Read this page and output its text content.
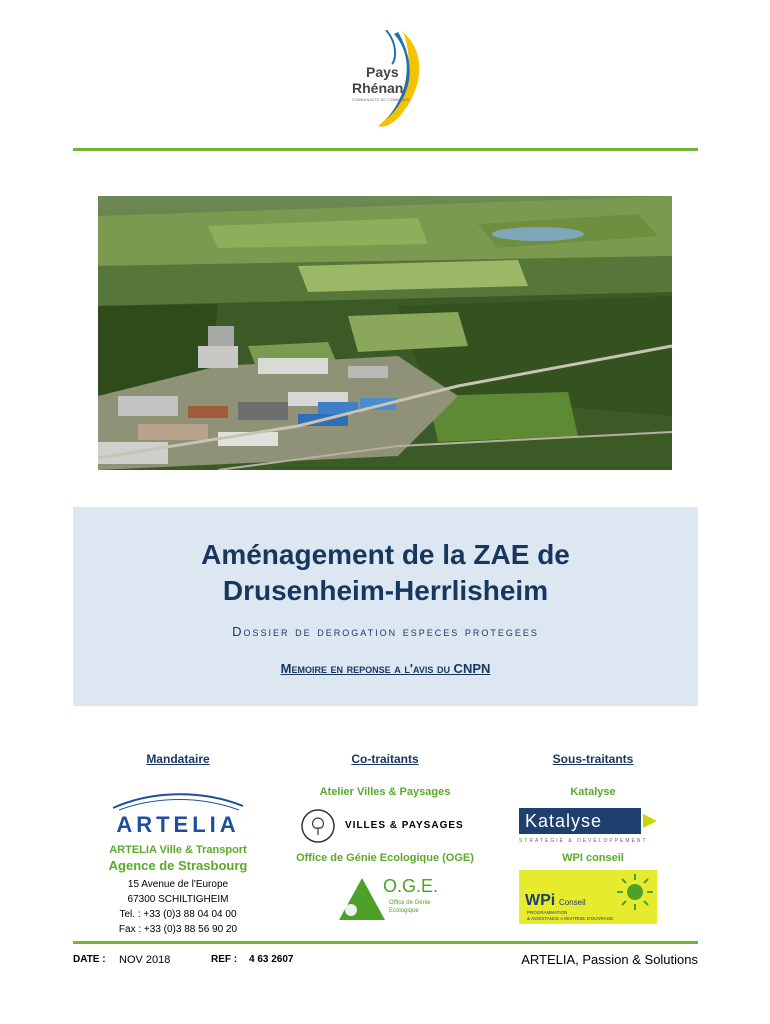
Pays
Rhénan
COMMUNAUTE DE COMMUNES
Aménagement de la ZAE de
Drusenheim-Herrlisheim
Dossier de derogation especes protegees
Memoire en reponse a l'avis du CNPN
Mandataire
ARTELIA
ARTELIA Ville & Transport
Agence de Strasbourg
15 Avenue de l'Europe
67300 SCHILTIGHEIM
Tel. : +33 (0)3 88 04 04 00
Fax : +33 (0)3 88 56 90 20
Co-traitants
Atelier Villes & Paysages
VILLES & PAYSAGES
Office de Génie Ecologique (OGE)
O.G.E.
Office de Génie
Ecologique
Sous-traitants
Katalyse
Katalyse
STRATEGIE & DEVELOPPEMENT
WPI conseil
WPi Conseil
PROGRAMMATION
& ASSISTANCE A MAITRISE D'OUVRAGE
DATE : NOV 2018	REF : 4 63 2607	ARTELIA, Passion & Solutions
